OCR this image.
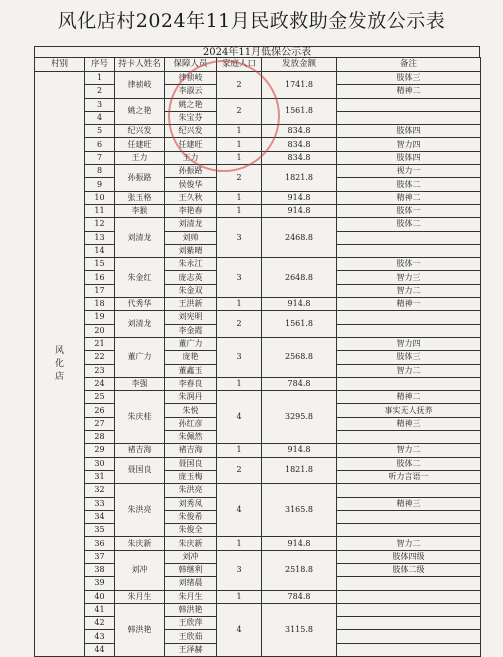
风化店村2024年11月民政救助金发放公示表
2024年11月低保公示表
村别	序号	持卡人姓名	保障人员	家庭人口	发放金额	备注

风
化
店	1	律祯岐	律祯岐	2	1741.8	肢体三
	2		李淑云			精神二
	3	姚之艳	姚之艳	2	1561.8	
	4		朱宝芬			
	5	纪兴发	纪兴发	1	834.8	肢体四
	6	任建旺	任建旺	1	834.8	智力四
	7	王力	王力	1	834.8	肢体四
	8	孙振路	孙振路	2	1821.8	视力一
	9		侯俊华			肢体二
	10	张玉格	王久秋	1	914.8	精神二
	11	李猴	李艳春	1	914.8	肢体一
	12	刘清龙	刘清龙	3	2468.8	肢体二
	13		刘帅			
	14		刘紫晴			
	15	朱金红	朱永江	3	2648.8	肢体一
	16		庞志英			智力三
	17		朱金双			智力二
	18	代秀华	王洪新	1	914.8	精神一
	19	刘清龙	刘宪明	2	1561.8	
	20		李金霞			
	21	董广力	董广力	3	2568.8	智力四
	22		庞艳			肢体三
	23		董鑫玉			智力二
	24	李强	李春良	1	784.8	
	25	朱庆桂	朱润丹	4	3295.8	精神二
	26		朱悦			事实无人抚养
	27		孙红彦			精神三
	28		朱佩然			
	29	褚吉海	褚吉海	1	914.8	智力二
	30	聂国良	聂国良	2	1821.8	肢体二
	31		庞玉梅			听力言语一
	32	朱洪亮	朱洪亮	4	3165.8	
	33		刘秀凤			精神三
	34		朱俊希			
	35		朱俊全			
	36	朱庆新	朱庆新	1	914.8	智力二
	37	刘冲	刘冲	3	2518.8	肢体四级
	38		韩继利			肢体二级
	39		刘绪晨			
	40	朱月生	朱月生	1	784.8	
	41	韩洪艳	韩洪艳	4	3115.8	
	42		王欣萍			
	43		王欣茹			
	44		王泽赫			
